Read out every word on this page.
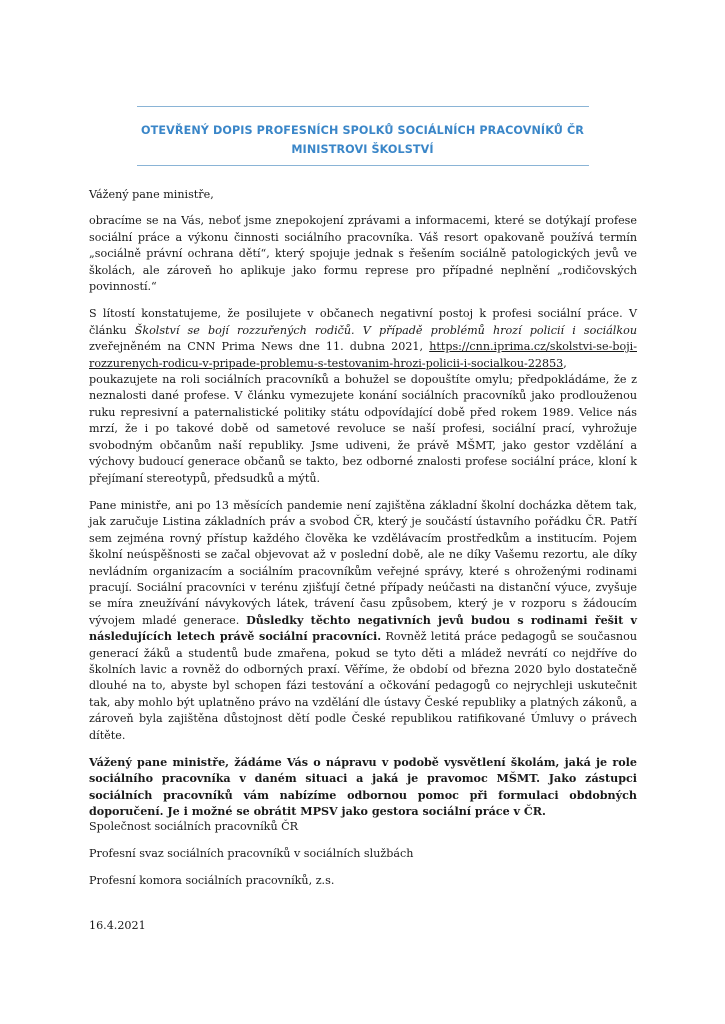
OTEVŘENÝ DOPIS PROFESNÍCH SPOLKŮ SOCIÁLNÍCH PRACOVNÍKŮ ČR
MINISTROVI ŠKOLSTVÍ

Vážený pane ministře,

obracíme se na Vás, neboť jsme znepokojení zprávami a informacemi, které se dotýkají profese sociální práce a výkonu činnosti sociálního pracovníka. Váš resort opakovaně používá termín „sociálně právní ochrana dětí“, který spojuje jednak s řešením sociálně patologických jevů ve školách, ale zároveň ho aplikuje jako formu represe pro případné neplnění „rodičovských povinností.“

S lítostí konstatujeme, že posilujete v občanech negativní postoj k profesi sociální práce. V článku Školství se bojí rozzuřených rodičů. V případě problémů hrozí policií i sociálkou zveřejněném na CNN Prima News dne 11. dubna 2021, https://cnn.iprima.cz/skolstvi-se-boji-rozzurenych-rodicu-v-pripade-problemu-s-testovanim-hrozi-policii-i-socialkou-22853, poukazujete na roli sociálních pracovníků a bohužel se dopouštíte omylu; předpokládáme, že z neznalosti dané profese. V článku vymezujete konání sociálních pracovníků jako prodlouženou ruku represivní a paternalistické politiky státu odpovídající době před rokem 1989. Velice nás mrzí, že i po takové době od sametové revoluce se naší profesi, sociální prací, vyhrožuje svobodným občanům naší republiky. Jsme udiveni, že právě MŠMT, jako gestor vzdělání a výchovy budoucí generace občanů se takto, bez odborné znalosti profese sociální práce, kloní k přejímaní stereotypů, předsudků a mýtů.

Pane ministře, ani po 13 měsících pandemie není zajištěna základní školní docházka dětem tak, jak zaručuje Listina základních práv a svobod ČR, který je součástí ústavního pořádku ČR. Patří sem zejména rovný přístup každého člověka ke vzdělávacím prostředkům a institucím. Pojem školní neúspěšnosti se začal objevovat až v poslední době, ale ne díky Vašemu rezortu, ale díky nevládním organizacím a sociálním pracovníkům veřejné správy, které s ohroženými rodinami pracují. Sociální pracovníci v terénu zjišťují četné případy neúčasti na distanční výuce, zvyšuje se míra zneužívání návykových látek, trávení času způsobem, který je v rozporu s žádoucím vývojem mladé generace. Důsledky těchto negativních jevů budou s rodinami řešit v následujících letech právě sociální pracovníci. Rovněž letitá práce pedagogů se současnou generací žáků a studentů bude zmařena, pokud se tyto děti a mládež nevrátí co nejdříve do školních lavic a rovněž do odborných praxí. Věříme, že období od března 2020 bylo dostatečně dlouhé na to, abyste byl schopen fázi testování a očkování pedagogů co nejrychleji uskutečnit tak, aby mohlo být uplatněno právo na vzdělání dle ústavy České republiky a platných zákonů, a zároveň byla zajištěna důstojnost dětí podle České republikou ratifikované Úmluvy o právech dítěte.

Vážený pane ministře, žádáme Vás o nápravu v podobě vysvětlení školám, jaká je role sociálního pracovníka v daném situaci a jaká je pravomoc MŠMT. Jako zástupci sociálních pracovníků vám nabízíme odbornou pomoc při formulaci obdobných doporučení. Je i možné se obrátit MPSV jako gestora sociální práce v ČR.

Společnost sociálních pracovníků ČR
Profesní svaz sociálních pracovníků v sociálních službách
Profesní komora sociálních pracovníků, z.s.
16.4.2021
